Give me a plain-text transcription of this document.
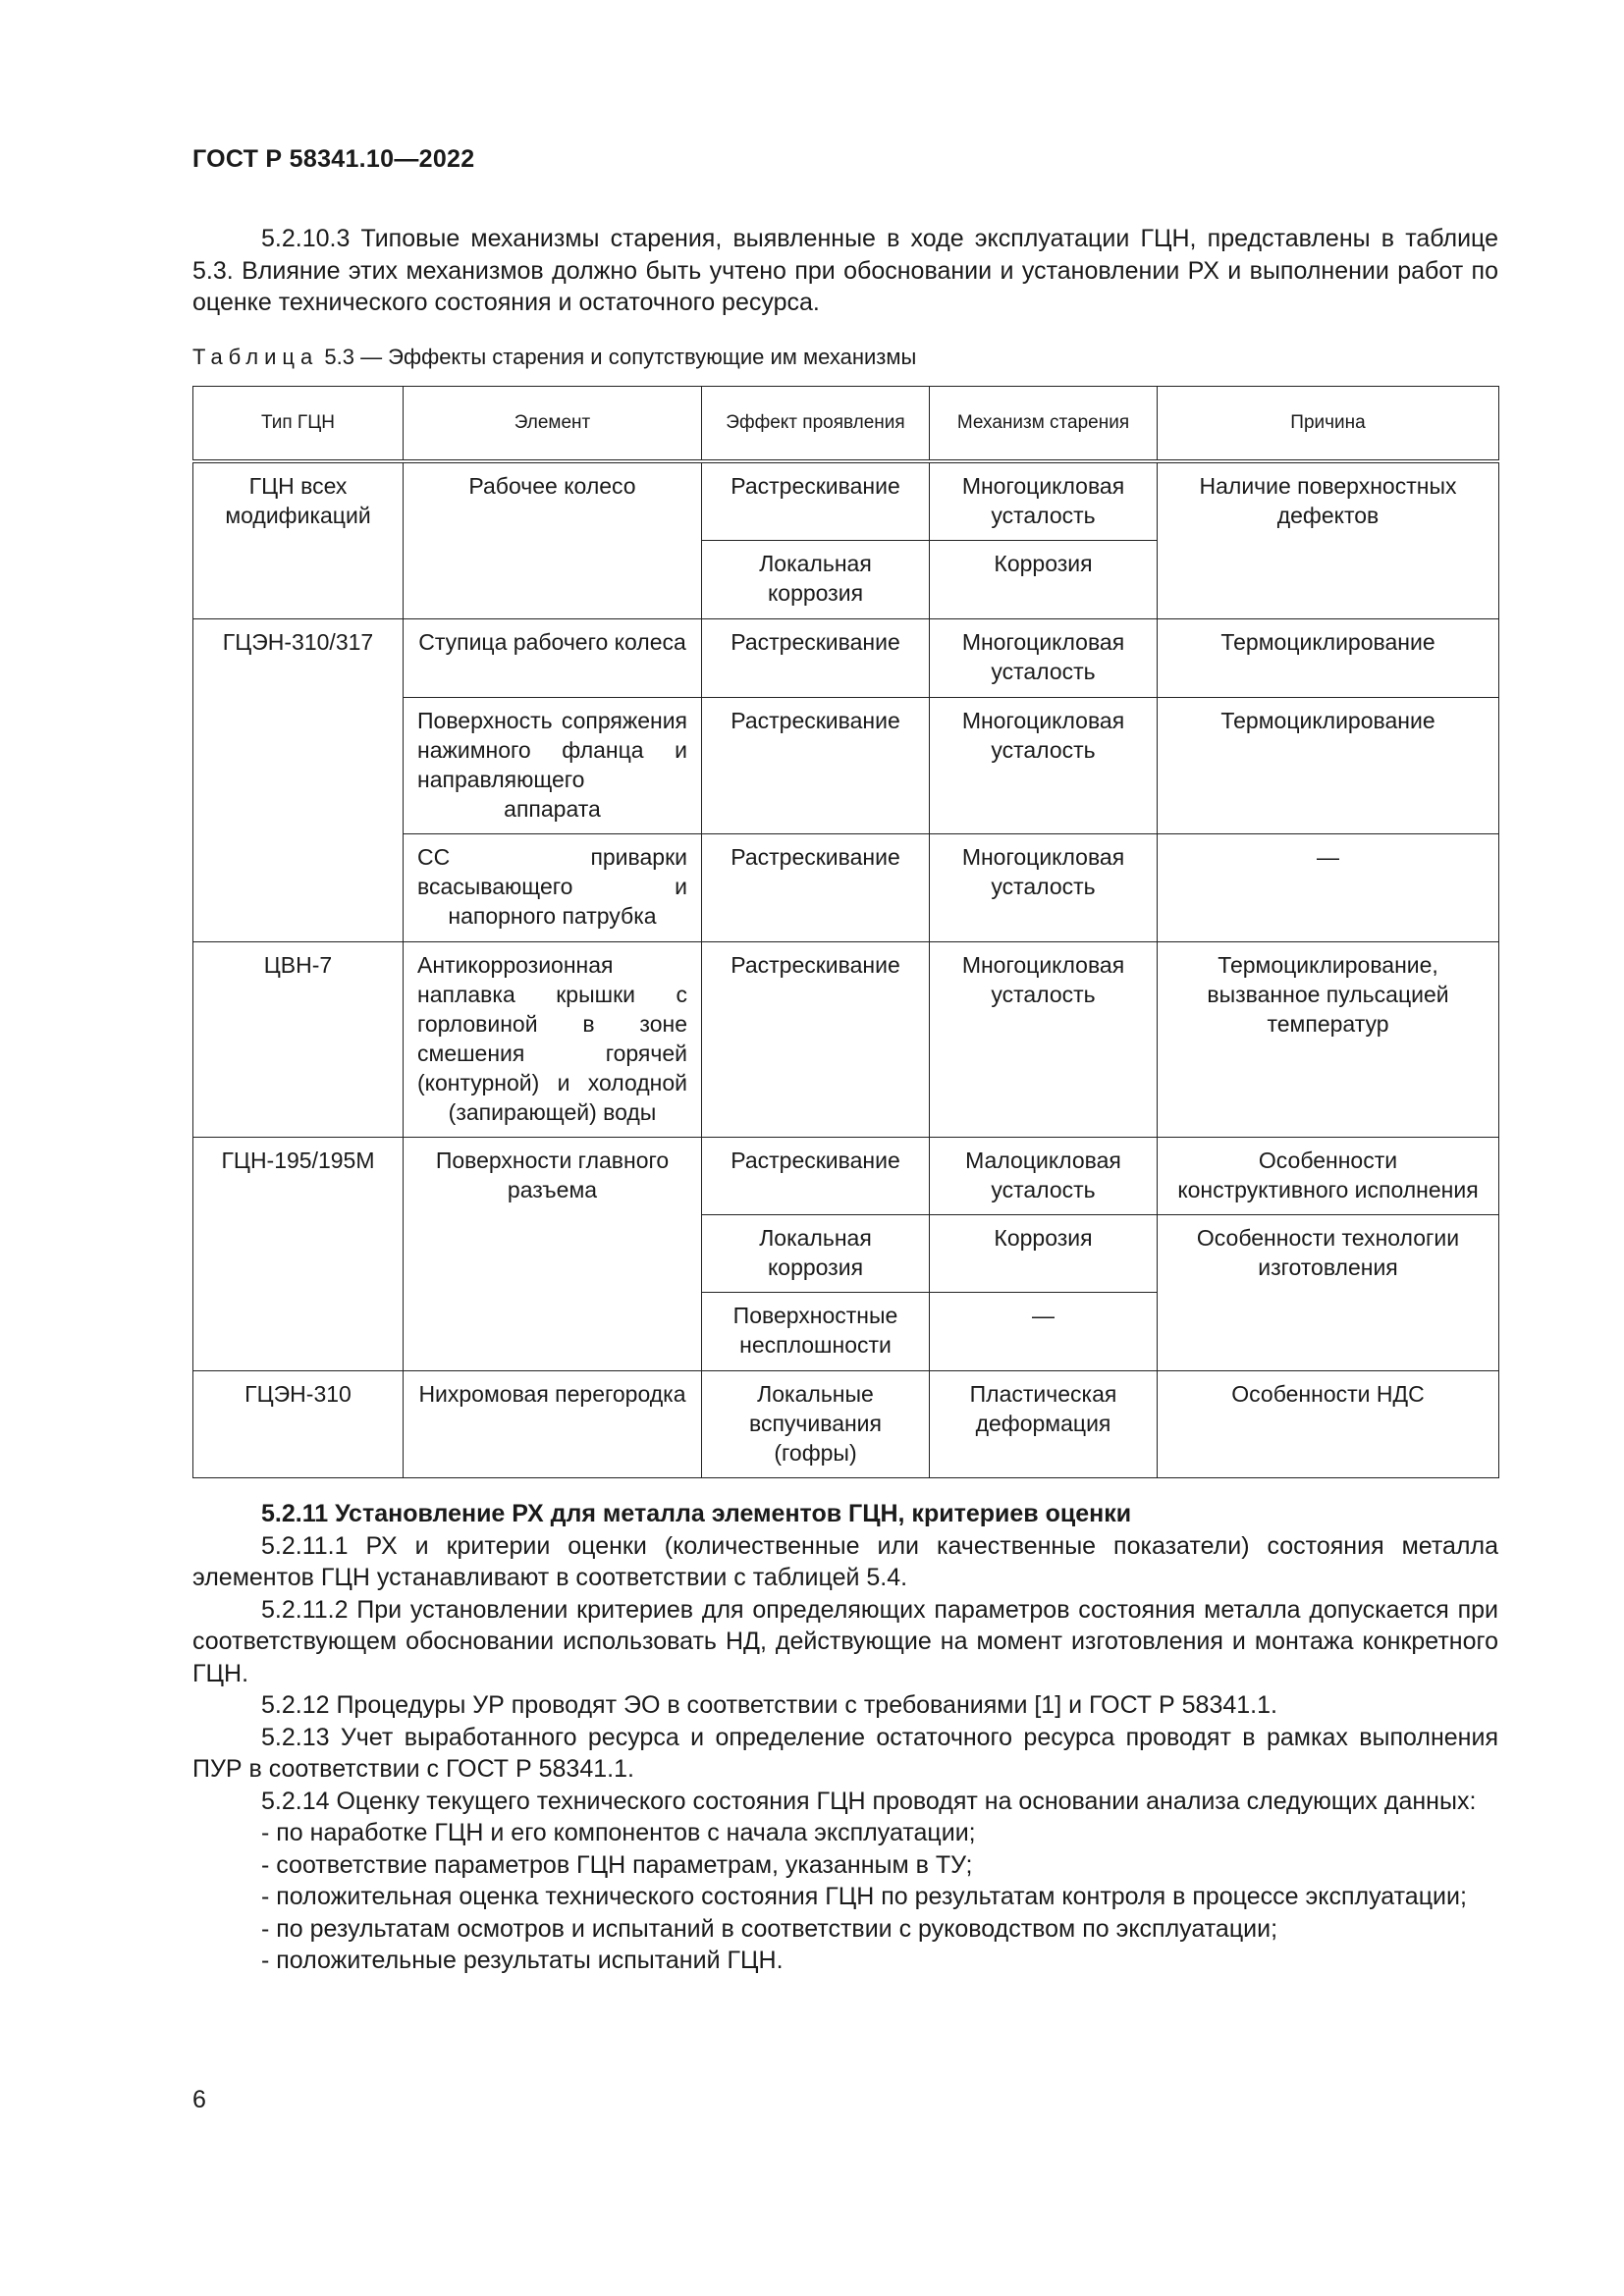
ГОСТ Р 58341.10—2022

5.2.10.3 Типовые механизмы старения, выявленные в ходе эксплуатации ГЦН, представлены в таблице 5.3. Влияние этих механизмов должно быть учтено при обосновании и установлении РХ и выполнении работ по оценке технического состояния и остаточного ресурса.

Таблица 5.3 — Эффекты старения и сопутствующие им механизмы
Тип ГЦН	Элемент	Эффект проявления	Механизм старения	Причина
ГЦН всех модификаций	Рабочее колесо	Растрескивание	Многоцикловая усталость	Наличие поверхностных дефектов
		Локальная коррозия	Коррозия	
ГЦЭН-310/317	Ступица рабочего колеса	Растрескивание	Многоцикловая усталость	Термоциклирование
	Поверхность сопряжения нажимного фланца и направляющего аппарата	Растрескивание	Многоцикловая усталость	Термоциклирование
	СС приварки всасывающего и напорного патрубка	Растрескивание	Многоцикловая усталость	—
ЦВН-7	Антикоррозионная наплавка крышки с горловиной в зоне смешения горячей (контурной) и холодной (запирающей) воды	Растрескивание	Многоцикловая усталость	Термоциклирование, вызванное пульсацией температур
ГЦН-195/195М	Поверхности главного разъема	Растрескивание	Малоцикловая усталость	Особенности конструктивного исполнения
		Локальная коррозия	Коррозия	Особенности технологии изготовления
		Поверхностные несплошности	—	
ГЦЭН-310	Нихромовая перегородка	Локальные вспучивания (гофры)	Пластическая деформация	Особенности НДС

5.2.11 Установление РХ для металла элементов ГЦН, критериев оценки

5.2.11.1 РХ и критерии оценки (количественные или качественные показатели) состояния металла элементов ГЦН устанавливают в соответствии с таблицей 5.4.

5.2.11.2 При установлении критериев для определяющих параметров состояния металла допускается при соответствующем обосновании использовать НД, действующие на момент изготовления и монтажа конкретного ГЦН.

5.2.12 Процедуры УР проводят ЭО в соответствии с требованиями [1] и ГОСТ Р 58341.1.

5.2.13 Учет выработанного ресурса и определение остаточного ресурса проводят в рамках выполнения ПУР в соответствии с ГОСТ Р 58341.1.

5.2.14 Оценку текущего технического состояния ГЦН проводят на основании анализа следующих данных:

- по наработке ГЦН и его компонентов с начала эксплуатации;

- соответствие параметров ГЦН параметрам, указанным в ТУ;

- положительная оценка технического состояния ГЦН по результатам контроля в процессе эксплуатации;

- по результатам осмотров и испытаний в соответствии с руководством по эксплуатации;

- положительные результаты испытаний ГЦН.

6
